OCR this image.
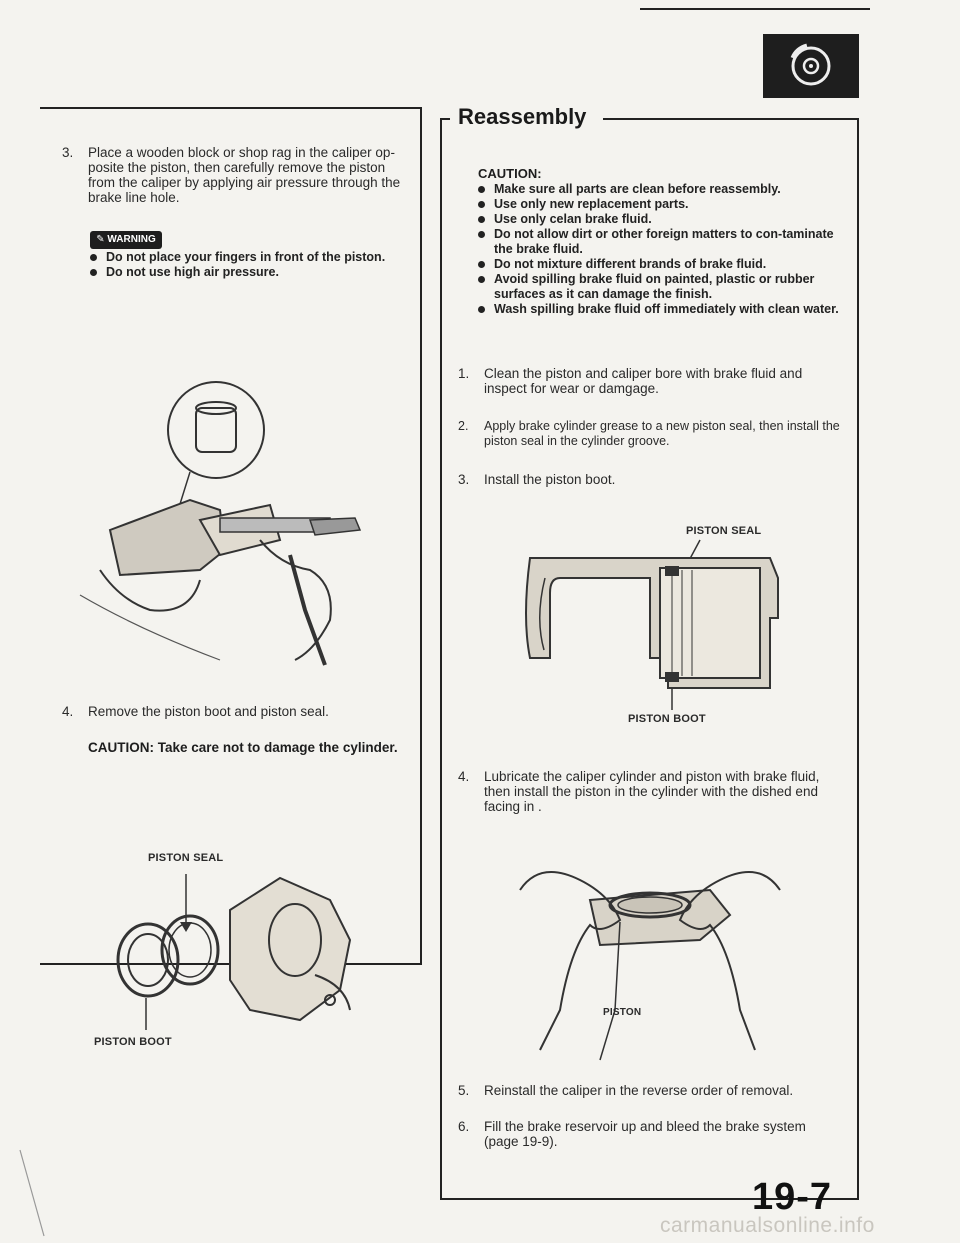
3. Place a wooden block or shop rag in the caliper op-posite the piston, then carefully remove the piston from the caliper by applying air pressure through the brake line hole.

✎ WARNING
Do not place your fingers in front of the piston.
Do not use high air pressure.
4. Remove the piston boot and piston seal.

CAUTION: Take care not to damage the cylinder.
PISTON SEAL
PISTON BOOT
Reassembly
CAUTION:
Make sure all parts are clean before reassembly.
Use only new replacement parts.
Use only celan brake fluid.
Do not allow dirt or other foreign matters to con-taminate the brake fluid.
Do not mixture different brands of brake fluid.
Avoid spilling brake fluid on painted, plastic or rubber surfaces as it can damage the finish.
Wash spilling brake fluid off immediately with clean water.
1. Clean the piston and caliper bore with brake fluid and inspect for wear or damgage.

2. Apply brake cylinder grease to a new piston seal, then install the piston seal in the cylinder groove.

3. Install the piston boot.

PISTON SEAL
PISTON BOOT
4. Lubricate the caliper cylinder and piston with brake fluid, then install the piston in the cylinder with the dished end facing in .

PISTON
5. Reinstall the caliper in the reverse order of removal.

6. Fill the brake reservoir up and bleed the brake system (page 19-9).

19-7
carmanualsonline.info
